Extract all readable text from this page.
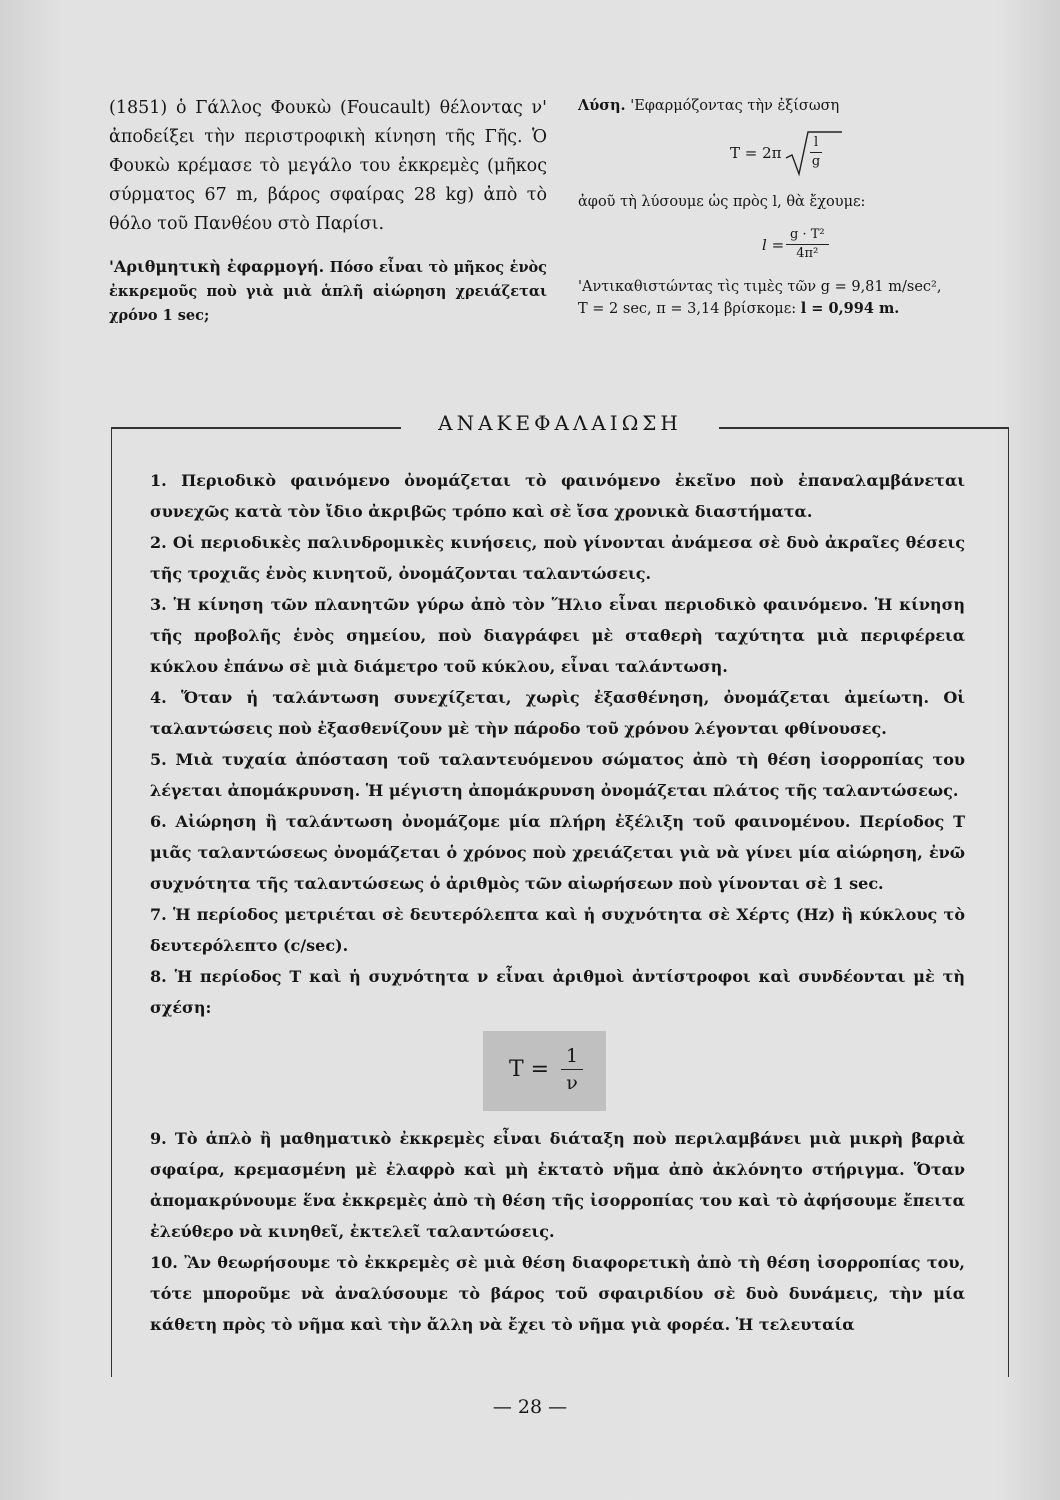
(1851) ὁ Γάλλος Φουκὼ (Foucault) θέλοντας ν' ἀποδείξει τὴν περιστροφικὴ κίνηση τῆς Γῆς. Ὁ Φουκὼ κρέμασε τὸ μεγάλο του ἐκκρεμὲς (μῆκος σύρματος 67 m, βάρος σφαίρας 28 kg) ἀπὸ τὸ θόλο τοῦ Πανθέου στὸ Παρίσι.

'Αριθμητικὴ ἐφαρμογή. Πόσο εἶναι τὸ μῆκος ἑνὸς ἐκκρεμοῦς ποὺ γιὰ μιὰ ἁπλῆ αἰώρηση χρειάζεται χρόνο 1 sec;

Λύση. 'Εφαρμόζοντας τὴν ἐξίσωση

$T = 2\pi \frac{l}{g}$

ἀφοῦ τὴ λύσουμε ὡς πρὸς l, θὰ ἔχουμε:

$l = \frac{\text{g · T²}}{\text{4π²}}$

'Αντικαθιστώντας τὶς τιμὲς τῶν g = 9,81 m/sec²,

T = 2 sec, π = 3,14 βρίσκομε: l = 0,994 m.

ΑΝΑΚΕΦΑΛΑΙΩΣΗ

1. Περιοδικὸ φαινόμενο ὀνομάζεται τὸ φαινόμενο ἐκεῖνο ποὺ ἐπαναλαμβάνεται συνεχῶς κατὰ τὸν ἴδιο ἀκριβῶς τρόπο καὶ σὲ ἴσα χρονικὰ διαστήματα.

2. Οἱ περιοδικὲς παλινδρομικὲς κινήσεις, ποὺ γίνονται ἀνάμεσα σὲ δυὸ ἀκραῖες θέσεις τῆς τροχιᾶς ἑνὸς κινητοῦ, ὀνομάζονται ταλαντώσεις.

3. Ἡ κίνηση τῶν πλανητῶν γύρω ἀπὸ τὸν Ἥλιο εἶναι περιοδικὸ φαινόμενο. Ἡ κίνηση τῆς προβολῆς ἑνὸς σημείου, ποὺ διαγράφει μὲ σταθερὴ ταχύτητα μιὰ περιφέρεια κύκλου ἐπάνω σὲ μιὰ διάμετρο τοῦ κύκλου, εἶναι ταλάντωση.

4. Ὅταν ἡ ταλάντωση συνεχίζεται, χωρὶς ἐξασθένηση, ὀνομάζεται ἀμείωτη. Οἱ ταλαντώσεις ποὺ ἐξασθενίζουν μὲ τὴν πάροδο τοῦ χρόνου λέγονται φθίνουσες.

5. Μιὰ τυχαία ἀπόσταση τοῦ ταλαντευόμενου σώματος ἀπὸ τὴ θέση ἰσορροπίας του λέγεται ἀπομάκρυνση. Ἡ μέγιστη ἀπομάκρυνση ὀνομάζεται πλάτος τῆς ταλαντώσεως.

6. Αἰώρηση ἢ ταλάντωση ὀνομάζομε μία πλήρη ἐξέλιξη τοῦ φαινομένου. Περίοδος T μιᾶς ταλαντώσεως ὀνομάζεται ὁ χρόνος ποὺ χρειάζεται γιὰ νὰ γίνει μία αἰώρηση, ἐνῶ συχνότητα τῆς ταλαντώσεως ὁ ἀριθμὸς τῶν αἰωρήσεων ποὺ γίνονται σὲ 1 sec.

7. Ἡ περίοδος μετριέται σὲ δευτερόλεπτα καὶ ἡ συχνότητα σὲ Χέρτς (Hz) ἢ κύκλους τὸ δευτερόλεπτο (c/sec).

8. Ἡ περίοδος T καὶ ἡ συχνότητα ν εἶναι ἀριθμοὶ ἀντίστροφοι καὶ συνδέονται μὲ τὴ σχέση:

$T = \frac{1}{\nu}$

9. Τὸ ἁπλὸ ἢ μαθηματικὸ ἐκκρεμὲς εἶναι διάταξη ποὺ περιλαμβάνει μιὰ μικρὴ βαριὰ σφαίρα, κρεμασμένη μὲ ἐλαφρὸ καὶ μὴ ἐκτατὸ νῆμα ἀπὸ ἀκλόνητο στήριγμα. Ὅταν ἀπομακρύνουμε ἕνα ἐκκρεμὲς ἀπὸ τὴ θέση τῆς ἰσορροπίας του καὶ τὸ ἀφήσουμε ἔπειτα ἐλεύθερο νὰ κινηθεῖ, ἐκτελεῖ ταλαντώσεις.

10. Ἂν θεωρήσουμε τὸ ἐκκρεμὲς σὲ μιὰ θέση διαφορετικὴ ἀπὸ τὴ θέση ἰσορροπίας του, τότε μποροῦμε νὰ ἀναλύσουμε τὸ βάρος τοῦ σφαιριδίου σὲ δυὸ δυνάμεις, τὴν μία κάθετη πρὸς τὸ νῆμα καὶ τὴν ἄλλη νὰ ἔχει τὸ νῆμα γιὰ φορέα. Ἡ τελευταία

— 28 —
